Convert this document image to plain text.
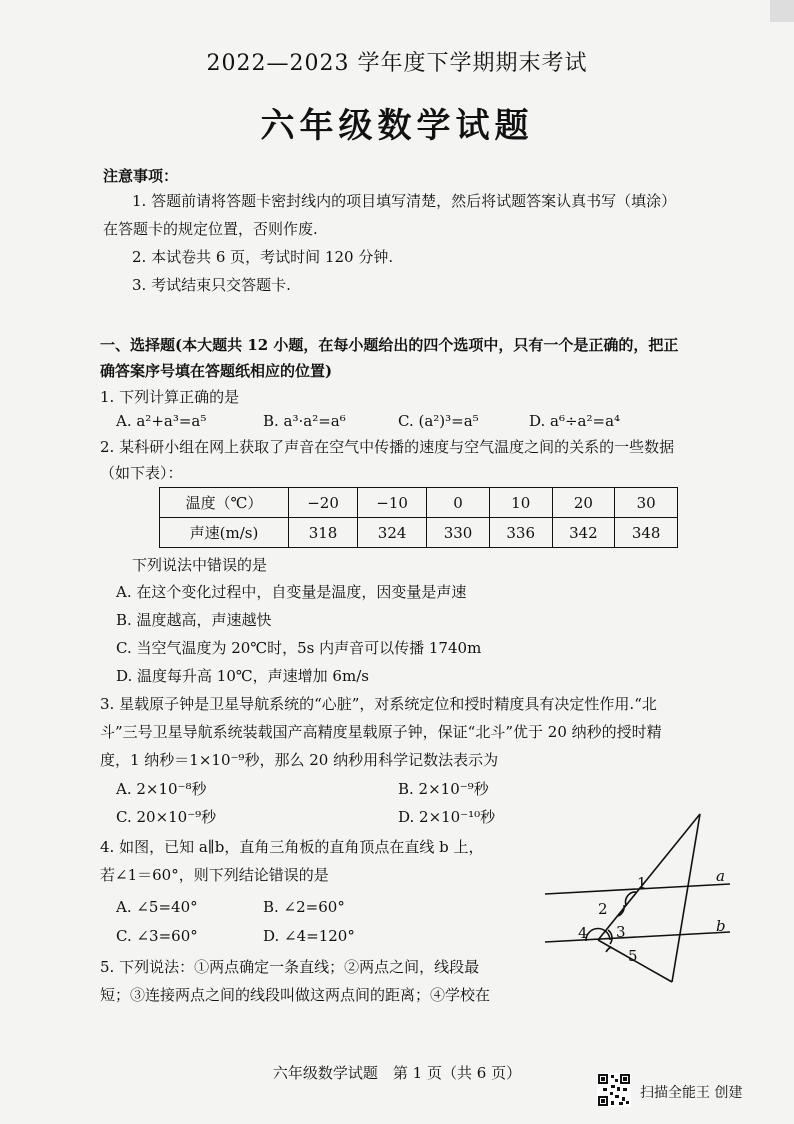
2022—2023 学年度下学期期末考试
六年级数学试题
注意事项：
1. 答题前请将答题卡密封线内的项目填写清楚，然后将试题答案认真书写（填涂）
在答题卡的规定位置，否则作废.
2. 本试卷共 6 页，考试时间 120 分钟.
3. 考试结束只交答题卡.
一、选择题(本大题共 12 小题，在每小题给出的四个选项中，只有一个是正确的，把正
确答案序号填在答题纸相应的位置)
1. 下列计算正确的是
A. a²+a³=a⁵	B. a³·a²=a⁶	C. (a²)³=a⁵	D. a⁶÷a²=a⁴
2. 某科研小组在网上获取了声音在空气中传播的速度与空气温度之间的关系的一些数据
（如下表）：
温度（℃）	−20	−10	0	10	20	30
声速(m/s)	318	324	330	336	342	348
下列说法中错误的是
A. 在这个变化过程中，自变量是温度，因变量是声速
B. 温度越高，声速越快
C. 当空气温度为 20℃时，5s 内声音可以传播 1740m
D. 温度每升高 10℃，声速增加 6m/s
3. 星载原子钟是卫星导航系统的“心脏”，对系统定位和授时精度具有决定性作用.“北
斗”三号卫星导航系统装载国产高精度星载原子钟，保证“北斗”优于 20 纳秒的授时精
度，1 纳秒＝1×10⁻⁹秒，那么 20 纳秒用科学记数法表示为
A. 2×10⁻⁸秒	B. 2×10⁻⁹秒
C. 20×10⁻⁹秒	D. 2×10⁻¹⁰秒
4. 如图，已知 a∥b，直角三角板的直角顶点在直线 b 上，
若∠1＝60°，则下列结论错误的是
A. ∠5=40°	B. ∠2=60°
C. ∠3=60°	D. ∠4=120°
a
b
1
2
3
4
5
5. 下列说法：①两点确定一条直线；②两点之间，线段最
短；③连接两点之间的线段叫做这两点间的距离；④学校在
六年级数学试题　第 1 页（共 6 页）
扫描全能王 创建
